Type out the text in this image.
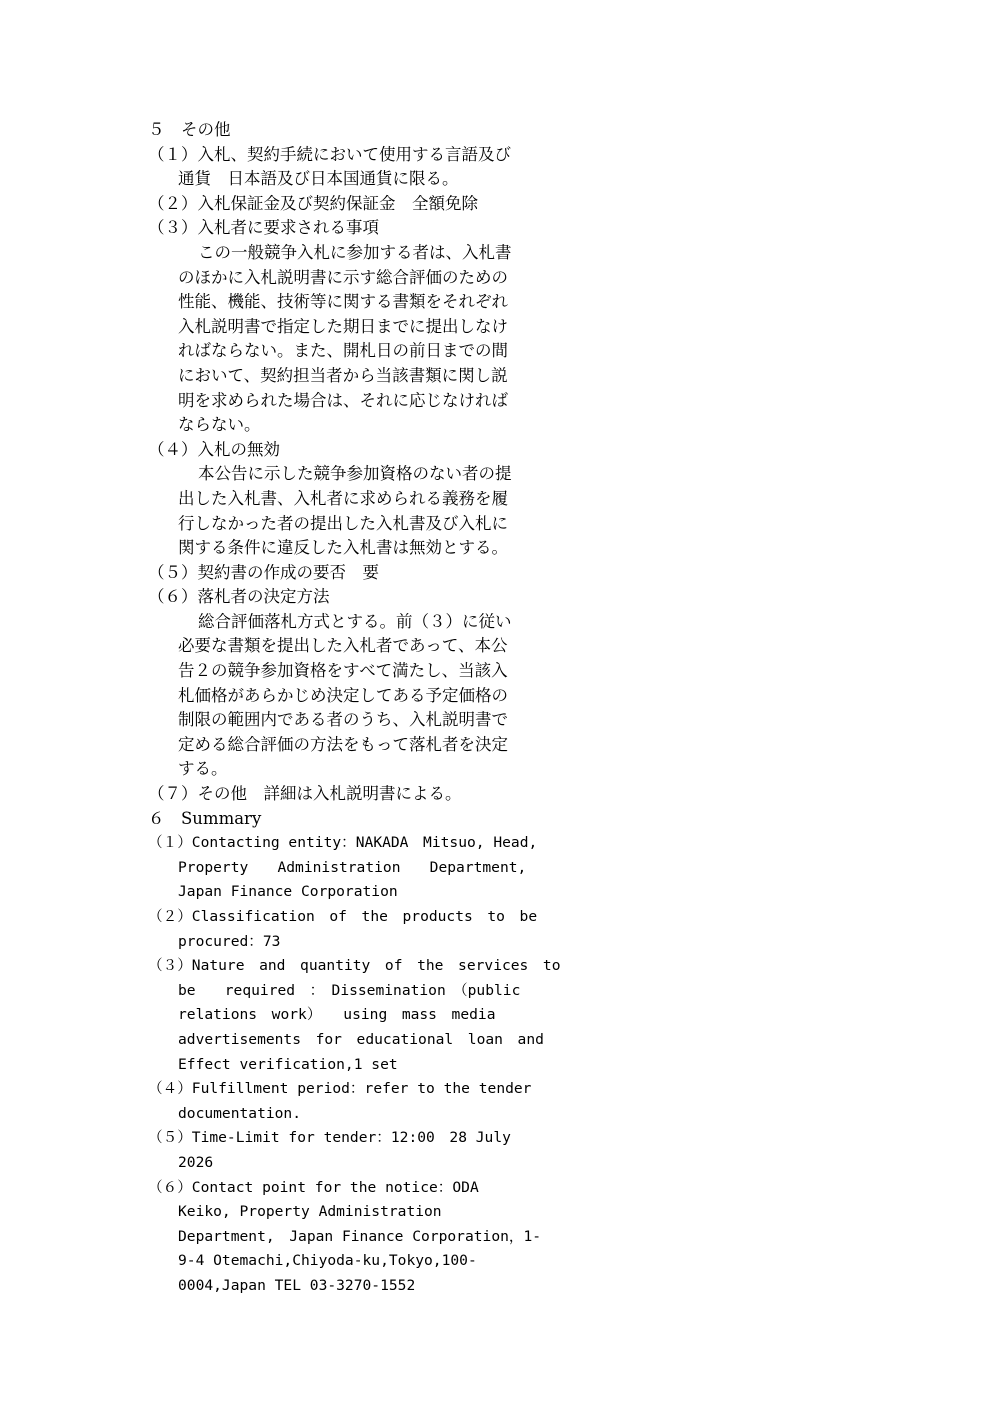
５　その他
（１）入札、契約手続において使用する言語及び
通貨　日本語及び日本国通貨に限る。
（２）入札保証金及び契約保証金　全額免除
（３）入札者に要求される事項
この一般競争入札に参加する者は、入札書
のほかに入札説明書に示す総合評価のための
性能、機能、技術等に関する書類をそれぞれ
入札説明書で指定した期日までに提出しなけ
ればならない。また、開札日の前日までの間
において、契約担当者から当該書類に関し説
明を求められた場合は、それに応じなければ
ならない。
（４）入札の無効
本公告に示した競争参加資格のない者の提
出した入札書、入札者に求められる義務を履
行しなかった者の提出した入札書及び入札に
関する条件に違反した入札書は無効とする。
（５）契約書の作成の要否　要
（６）落札者の決定方法
総合評価落札方式とする。前（３）に従い
必要な書類を提出した入札者であって、本公
告２の競争参加資格をすべて満たし、当該入
札価格があらかじめ決定してある予定価格の
制限の範囲内である者のうち、入札説明書で
定める総合評価の方法をもって落札者を決定
する。
（７）その他　詳細は入札説明書による。
６　Summary
（１）Contacting entity：NAKADA　Mitsuo, Head,
Property　　Administration　　Department,
Japan Finance Corporation
（２）Classification　of　the　products　to　be
procured：73
（３）Nature　and　quantity　of　the　services　to
be　　required　：　Dissemination　（public
relations　work）　　using　mass　media
advertisements　for　educational　loan　and
Effect verification,1 set
（４）Fulfillment period：refer to the tender
documentation.
（５）Time-Limit for tender：12:00　28 July
2026
（６）Contact point for the notice：ODA
Keiko, Property Administration
Department,　Japan Finance Corporation，1-
9-4 Otemachi,Chiyoda-ku,Tokyo,100-
0004,Japan TEL 03-3270-1552
